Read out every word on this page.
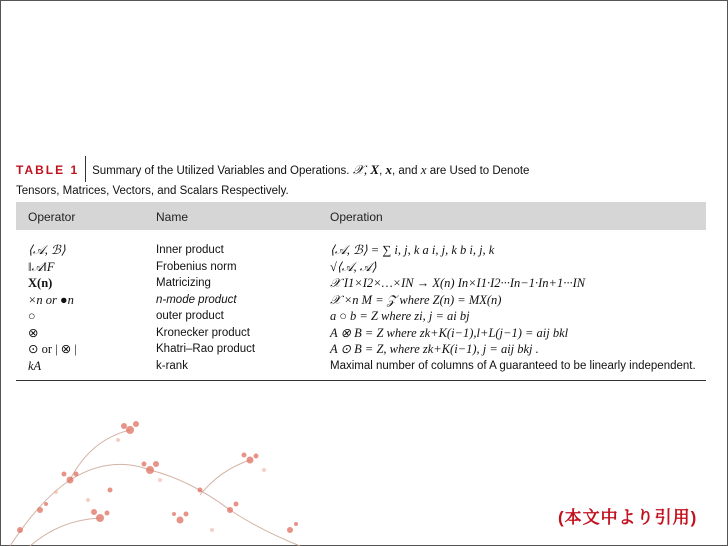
TABLE 1 Summary of the Utilized Variables and Operations. 𝒳, X, x, and x are Used to Denote
Tensors, Matrices, Vectors, and Scalars Respectively.
Operator	Name	Operation
⟨𝒜, ℬ⟩	Inner product	⟨𝒜, ℬ⟩ = ∑ i, j, k a i, j, k b i, j, k
‖𝒜‖F	Frobenius norm	√⟨𝒜, 𝒜⟩
X(n)	Matricizing	𝒳 I1×I2×…×IN → X(n) In×I1·I2···In−1·In+1···IN
×n or ●n	n-mode product	𝒳 ×n M = 𝒵 where Z(n) = MX(n)
○	outer product	a ○ b = Z where zi, j = ai bj
⊗	Kronecker product	A ⊗ B = Z where zk+K(i−1),l+L(j−1) = aij bkl
⊙ or | ⊗ |	Khatri–Rao product	A ⊙ B = Z, where zk+K(i−1), j = aij bkj .
kA	k-rank	Maximal number of columns of A guaranteed to be linearly independent.
(本文中より引用)
